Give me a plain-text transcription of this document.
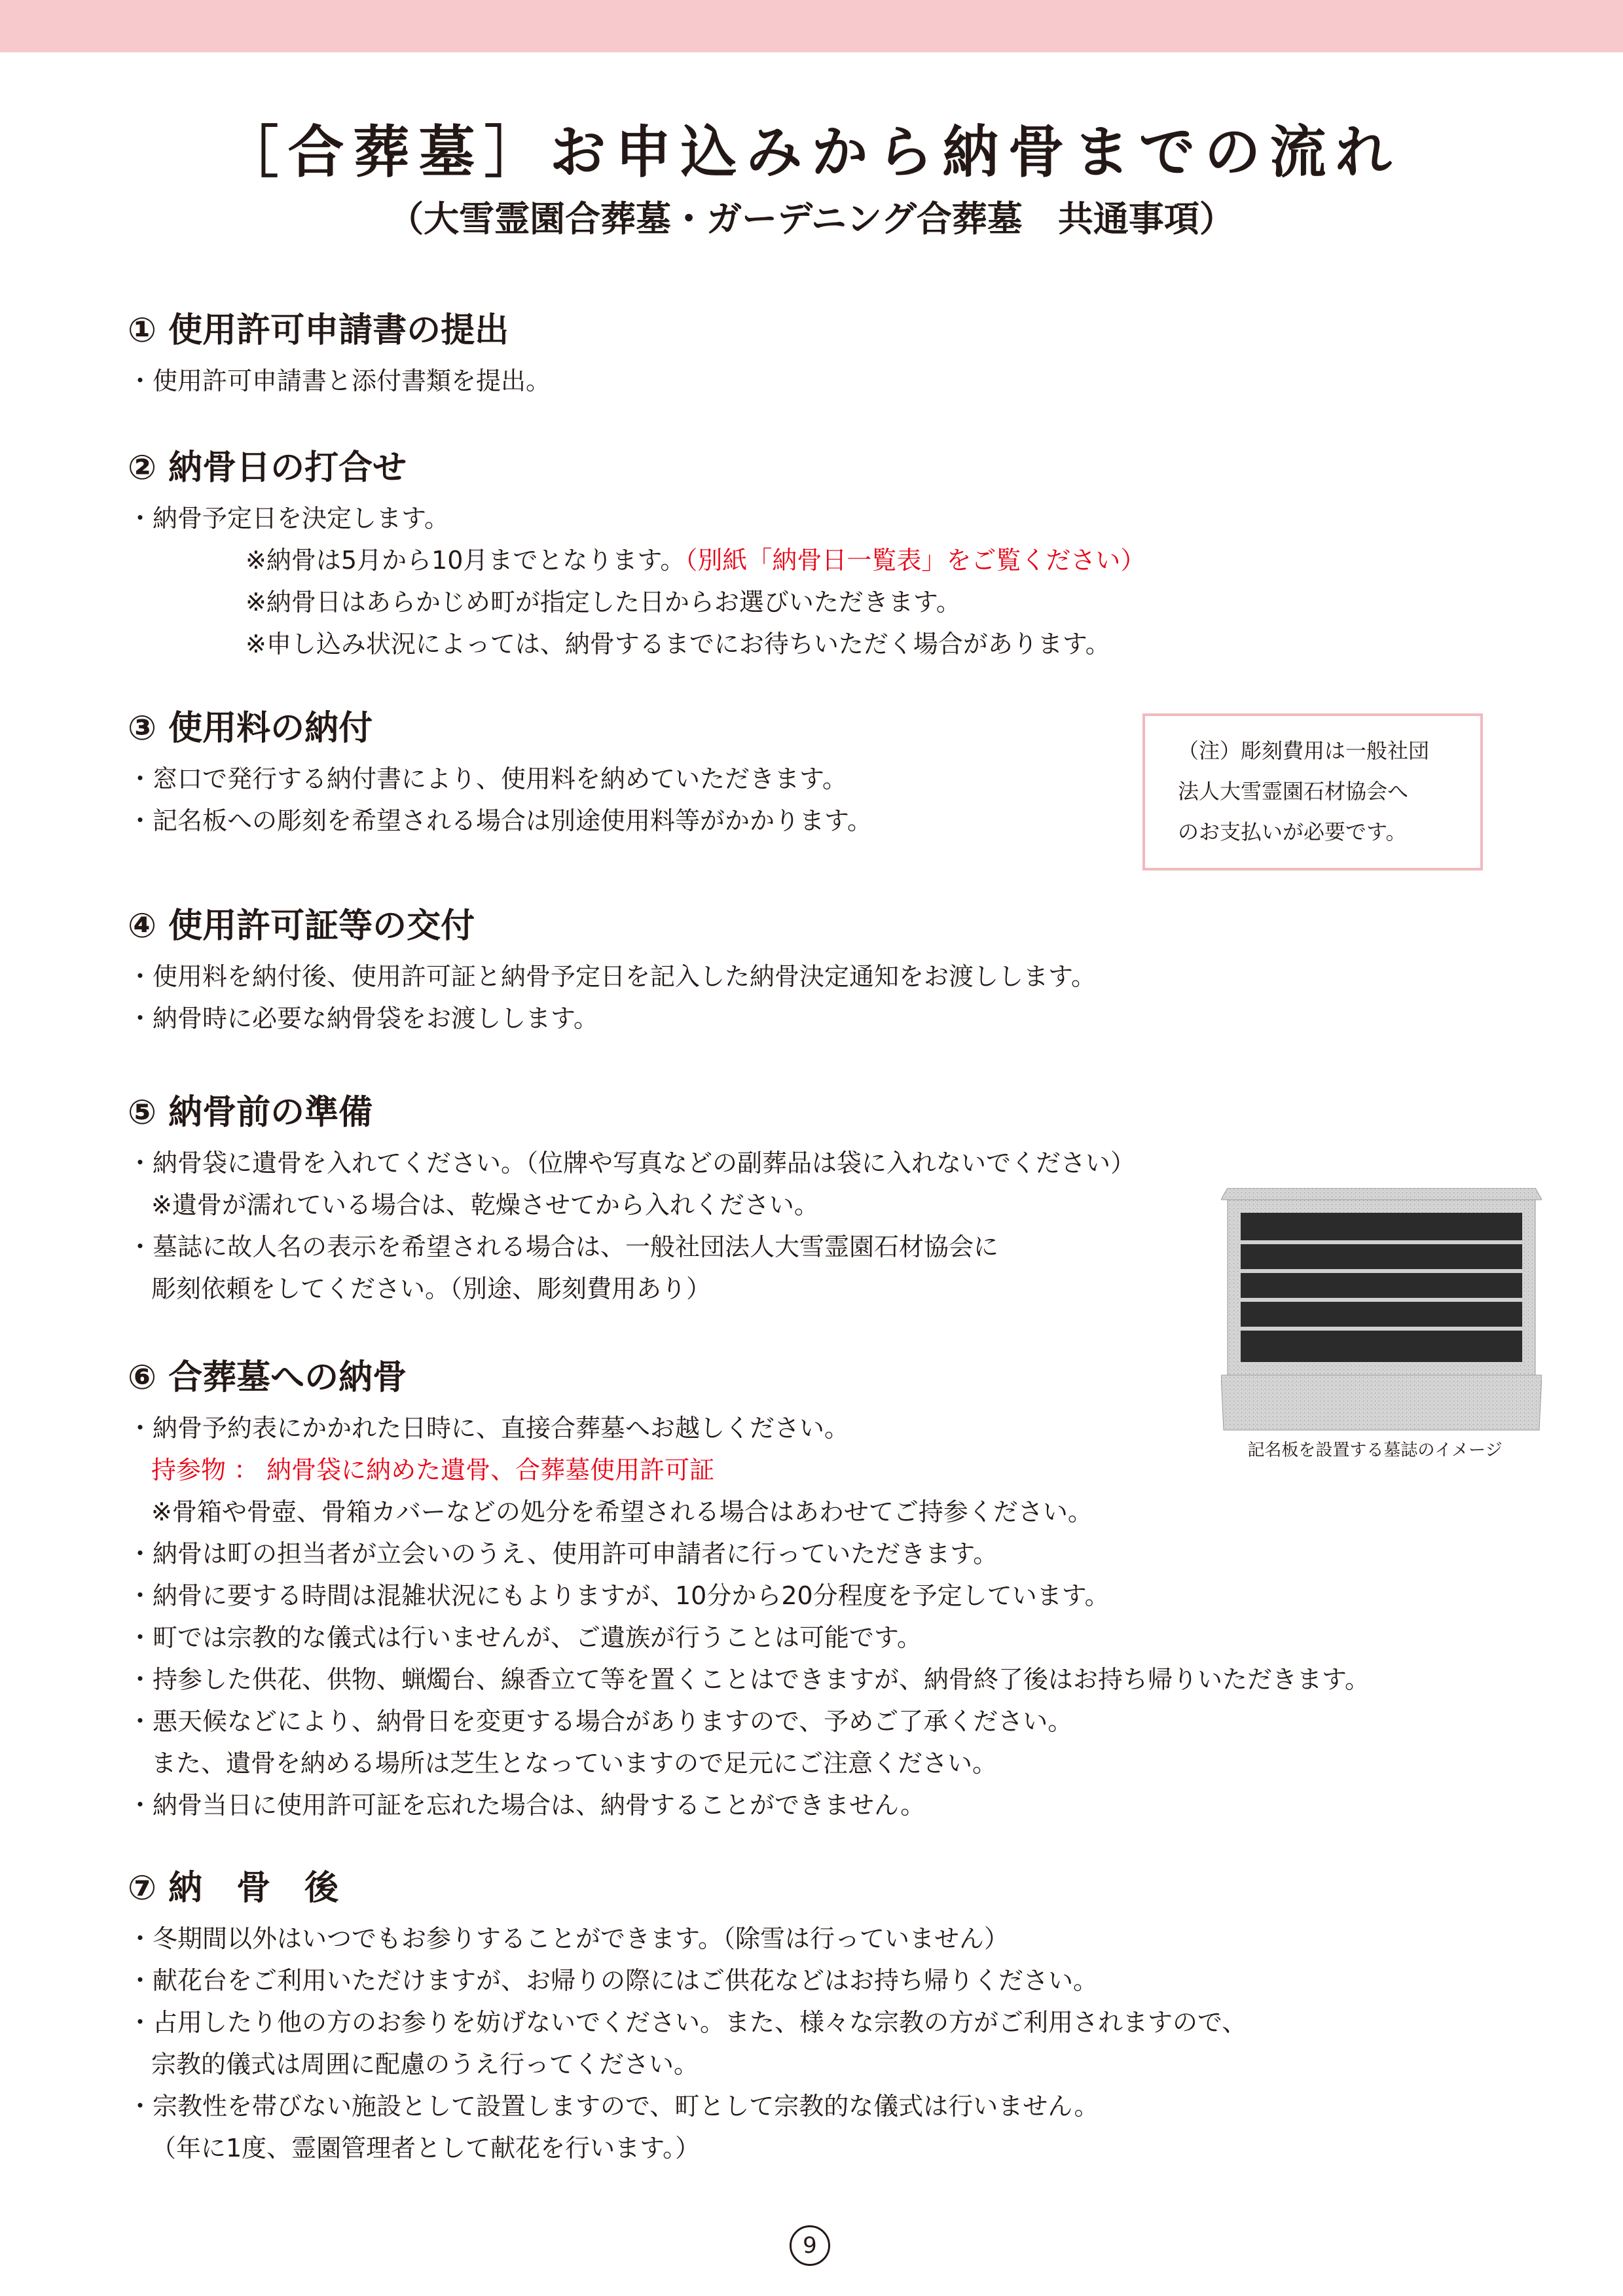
［合葬墓］お申込みから納骨までの流れ
（大雪霊園合葬墓・ガーデニング合葬墓　共通事項）
① 使用許可申請書の提出
・使用許可申請書と添付書類を提出。
② 納骨日の打合せ
・納骨予定日を決定します。
※納骨は5月から10月までとなります。（別紙「納骨日一覧表」をご覧ください）
※納骨日はあらかじめ町が指定した日からお選びいただきます。
※申し込み状況によっては、納骨するまでにお待ちいただく場合があります。
③ 使用料の納付
・窓口で発行する納付書により、使用料を納めていただきます。
・記名板への彫刻を希望される場合は別途使用料等がかかります。
（注）彫刻費用は一般社団
法人大雪霊園石材協会へ
のお支払いが必要です。
④ 使用許可証等の交付
・使用料を納付後、使用許可証と納骨予定日を記入した納骨決定通知をお渡しします。
・納骨時に必要な納骨袋をお渡しします。
⑤ 納骨前の準備
・納骨袋に遺骨を入れてください。（位牌や写真などの副葬品は袋に入れないでください）
※遺骨が濡れている場合は、乾燥させてから入れください。
・墓誌に故人名の表示を希望される場合は、一般社団法人大雪霊園石材協会に
彫刻依頼をしてください。（別途、彫刻費用あり）
記名板を設置する墓誌のイメージ
⑥ 合葬墓への納骨
・納骨予約表にかかれた日時に、直接合葬墓へお越しください。
持参物 ： 納骨袋に納めた遺骨、合葬墓使用許可証
※骨箱や骨壺、骨箱カバーなどの処分を希望される場合はあわせてご持参ください。
・納骨は町の担当者が立会いのうえ、使用許可申請者に行っていただきます。
・納骨に要する時間は混雑状況にもよりますが、10分から20分程度を予定しています。
・町では宗教的な儀式は行いませんが、ご遺族が行うことは可能です。
・持参した供花、供物、蝋燭台、線香立て等を置くことはできますが、納骨終了後はお持ち帰りいただきます。
・悪天候などにより、納骨日を変更する場合がありますので、予めご了承ください。
また、遺骨を納める場所は芝生となっていますので足元にご注意ください。
・納骨当日に使用許可証を忘れた場合は、納骨することができません。
⑦ 納　骨　後
・冬期間以外はいつでもお参りすることができます。（除雪は行っていません）
・献花台をご利用いただけますが、お帰りの際にはご供花などはお持ち帰りください。
・占用したり他の方のお参りを妨げないでください。また、様々な宗教の方がご利用されますので、
宗教的儀式は周囲に配慮のうえ行ってください。
・宗教性を帯びない施設として設置しますので、町として宗教的な儀式は行いません。
（年に1度、霊園管理者として献花を行います。）
9
